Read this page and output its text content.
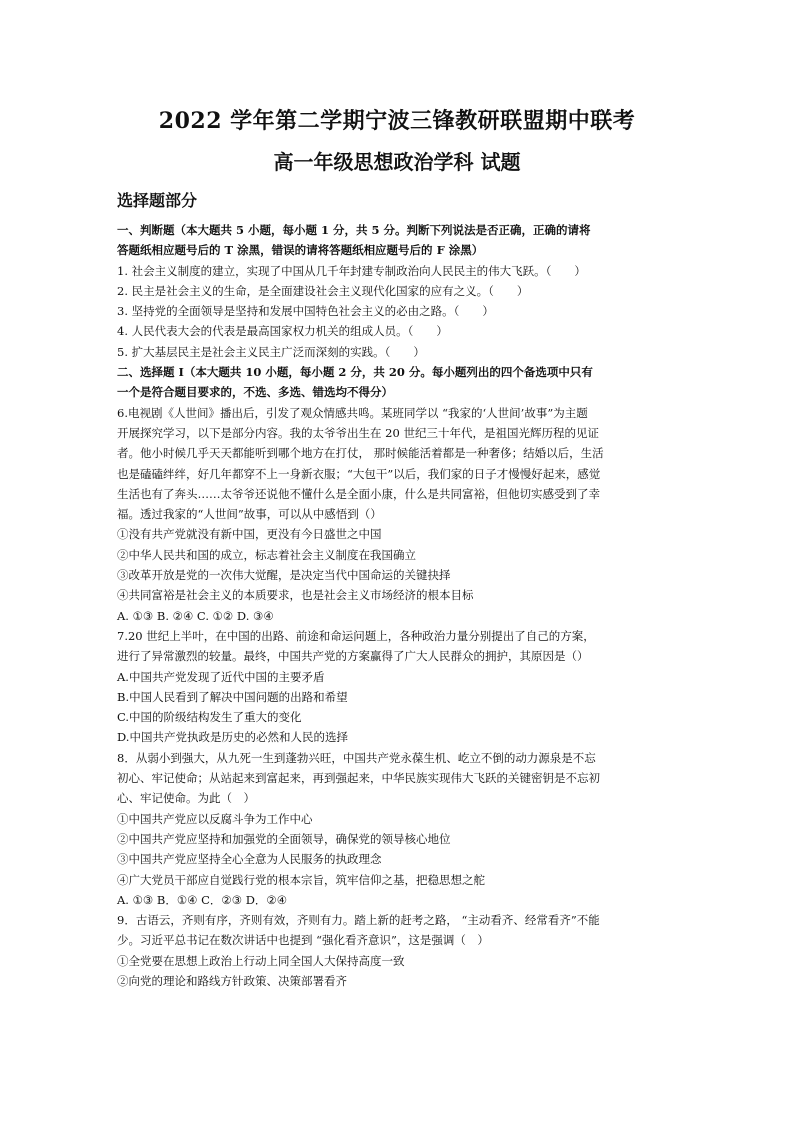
2022 学年第二学期宁波三锋教研联盟期中联考
高一年级思想政治学科 试题
选择题部分
一、判断题（本大题共 5 小题，每小题 1 分，共 5 分。判断下列说法是否正确，正确的请将
答题纸相应题号后的 T 涂黑，错误的请将答题纸相应题号后的 F 涂黑）
1. 社会主义制度的建立，实现了中国从几千年封建专制政治向人民民主的伟大飞跃。（　　）
2. 民主是社会主义的生命，是全面建设社会主义现代化国家的应有之义。（　　）
3. 坚持党的全面领导是坚持和发展中国特色社会主义的必由之路。（　　）
4. 人民代表大会的代表是最高国家权力机关的组成人员。（　　）
5. 扩大基层民主是社会主义民主广泛而深刻的实践。（　　）
二、选择题 I（本大题共 10 小题，每小题 2 分，共 20 分。每小题列出的四个备选项中只有
一个是符合题目要求的，不选、多选、错选均不得分）
6.电视剧《人世间》播出后，引发了观众情感共鸣。某班同学以 “我家的‘人世间’故事”为主题
开展探究学习，以下是部分内容。我的太爷爷出生在 20 世纪三十年代，是祖国光辉历程的见证
者。他小时候几乎天天都能听到哪个地方在打仗， 那时候能活着都是一种奢侈；结婚以后，生活
也是磕磕绊绊，好几年都穿不上一身新衣服；“大包干”以后，我们家的日子才慢慢好起来，感觉
生活也有了奔头……太爷爷还说他不懂什么是全面小康，什么是共同富裕，但他切实感受到了幸
福。透过我家的“人世间”故事，可以从中感悟到（）
①没有共产党就没有新中国，更没有今日盛世之中国
②中华人民共和国的成立，标志着社会主义制度在我国确立
③改革开放是党的一次伟大觉醒，是决定当代中国命运的关键抉择
④共同富裕是社会主义的本质要求，也是社会主义市场经济的根本目标
A. ①③ B. ②④ C. ①② D. ③④
7.20 世纪上半叶，在中国的出路、前途和命运问题上，各种政治力量分别提出了自己的方案，
进行了异常激烈的较量。最终，中国共产党的方案赢得了广大人民群众的拥护，其原因是（）
A.中国共产党发现了近代中国的主要矛盾
B.中国人民看到了解决中国问题的出路和希望
C.中国的阶级结构发生了重大的变化
D.中国共产党执政是历史的必然和人民的选择
8．从弱小到强大，从九死一生到蓬勃兴旺，中国共产党永葆生机、屹立不倒的动力源泉是不忘
初心、牢记使命；从站起来到富起来，再到强起来，中华民族实现伟大飞跃的关键密钥是不忘初
心、牢记使命。为此（　）
①中国共产党应以反腐斗争为工作中心
②中国共产党应坚持和加强党的全面领导，确保党的领导核心地位
③中国共产党应坚持全心全意为人民服务的执政理念
④广大党员干部应自觉践行党的根本宗旨，筑牢信仰之基，把稳思想之舵
A. ①③ B．①④ C．②③ D．②④
9．古语云，齐则有序，齐则有效，齐则有力。踏上新的赶考之路， “主动看齐、经常看齐”不能
少。习近平总书记在数次讲话中也提到 “强化看齐意识”，这是强调（　）
①全党要在思想上政治上行动上同全国人大保持高度一致
②向党的理论和路线方针政策、决策部署看齐
